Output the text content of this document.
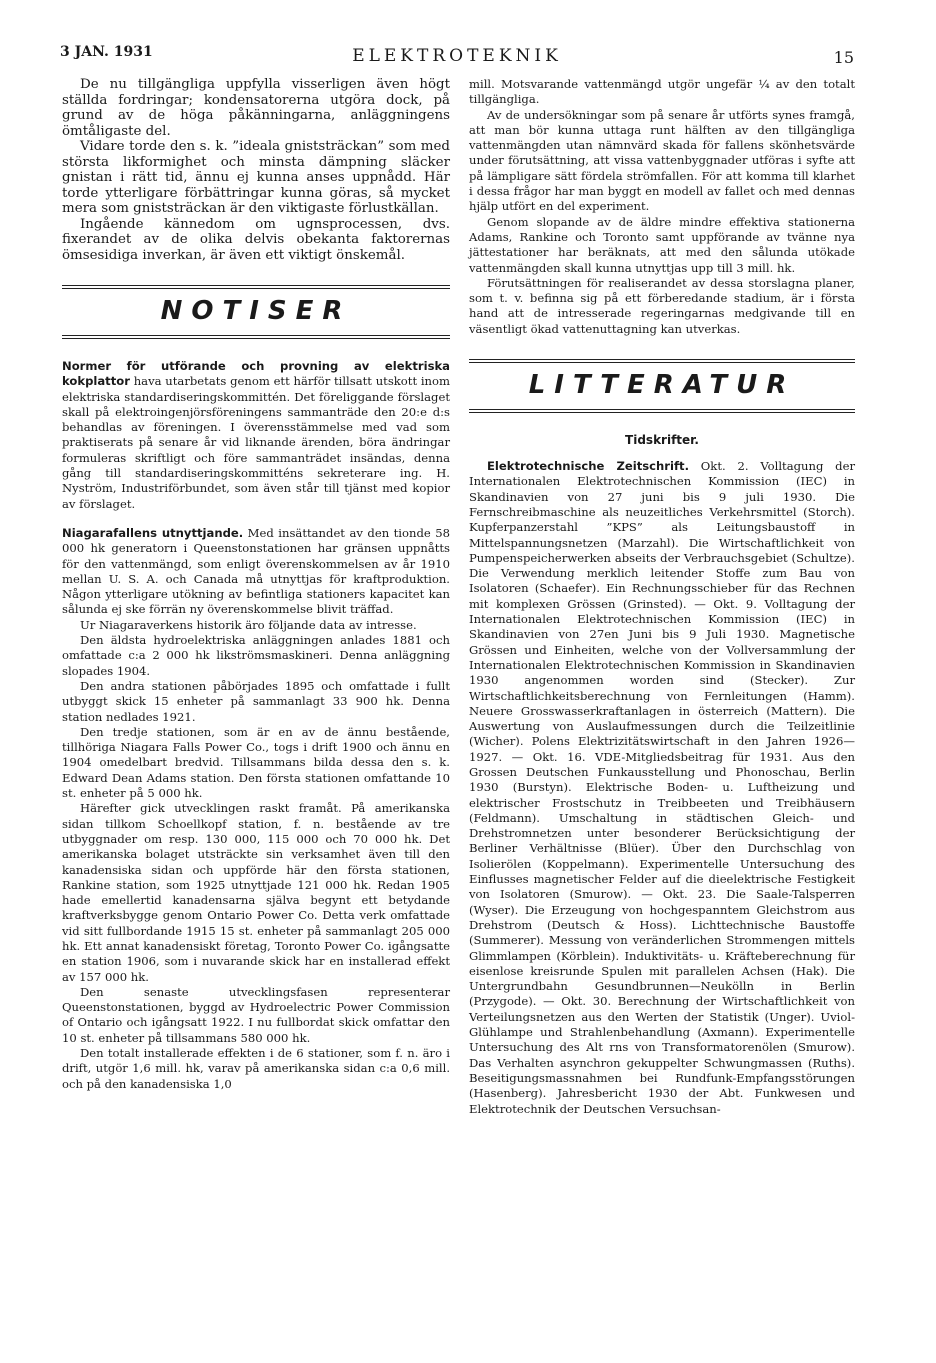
3 JAN. 1931	ELEKTROTEKNIK	15

De nu tillgängliga uppfylla visserligen även högt ställda fordringar; kondensatorerna utgöra dock, på grund av de höga påkänningarna, anläggningens ömtåligaste del.

Vidare torde den s. k. ”ideala gniststräckan” som med största likformighet och minsta dämpning släcker gnistan i rätt tid, ännu ej kunna anses uppnådd. Här torde ytterligare förbättringar kunna göras, så mycket mera som gniststräckan är den viktigaste förlustkällan.

Ingående kännedom om ugnsprocessen, dvs. fixerandet av de olika delvis obekanta faktorernas ömsesidiga inverkan, är även ett viktigt önskemål.

NOTISER

Normer för utförande och provning av elektriska kokplattor hava utarbetats genom ett härför tillsatt utskott inom elektriska standardiseringskommittén. Det föreliggande förslaget skall på elektroingenjörsföreningens sammanträde den 20:e d:s behandlas av föreningen. I överensstämmelse med vad som praktiserats på senare år vid liknande ärenden, böra ändringar formuleras skriftligt och före sammanträdet insändas, denna gång till standardiseringskommitténs sekreterare ing. H. Nyström, Industriförbundet, som även står till tjänst med kopior av förslaget.

Niagarafallens utnyttjande. Med insättandet av den tionde 58 000 hk generatorn i Queenstonstationen har gränsen uppnåtts för den vattenmängd, som enligt överenskommelsen av år 1910 mellan U. S. A. och Canada må utnyttjas för kraftproduktion. Någon ytterligare utökning av befintliga stationers kapacitet kan sålunda ej ske förrän ny överenskommelse blivit träffad.

Ur Niagaraverkens historik äro följande data av intresse.

Den äldsta hydroelektriska anläggningen anlades 1881 och omfattade c:a 2 000 hk likströmsmaskineri. Denna anläggning slopades 1904.

Den andra stationen påbörjades 1895 och omfattade i fullt utbyggt skick 15 enheter på sammanlagt 33 900 hk. Denna station nedlades 1921.

Den tredje stationen, som är en av de ännu bestående, tillhöriga Niagara Falls Power Co., togs i drift 1900 och ännu en 1904 omedelbart bredvid. Tillsammans bilda dessa den s. k. Edward Dean Adams station. Den första stationen omfattande 10 st. enheter på 5 000 hk.

Härefter gick utvecklingen raskt framåt. På amerikanska sidan tillkom Schoellkopf station, f. n. bestående av tre utbyggnader om resp. 130 000, 115 000 och 70 000 hk. Det amerikanska bolaget utsträckte sin verksamhet även till den kanadensiska sidan och uppförde här den första stationen, Rankine station, som 1925 utnyttjade 121 000 hk. Redan 1905 hade emellertid kanadensarna själva begynt ett betydande kraftverksbygge genom Ontario Power Co. Detta verk omfattade vid sitt fullbordande 1915 15 st. enheter på sammanlagt 205 000 hk. Ett annat kanadensiskt företag, Toronto Power Co. igångsatte en station 1906, som i nuvarande skick har en installerad effekt av 157 000 hk.

Den senaste utvecklingsfasen representerar Queenstonstationen, byggd av Hydroelectric Power Commission of Ontario och igångsatt 1922. I nu fullbordat skick omfattar den 10 st. enheter på tillsammans 580 000 hk.

Den totalt installerade effekten i de 6 stationer, som f. n. äro i drift, utgör 1,6 mill. hk, varav på amerikanska sidan c:a 0,6 mill. och på den kanadensiska 1,0

mill. Motsvarande vattenmängd utgör ungefär ¼ av den totalt tillgängliga.

Av de undersökningar som på senare år utförts synes framgå, att man bör kunna uttaga runt hälften av den tillgängliga vattenmängden utan nämnvärd skada för fallens skönhetsvärde under förutsättning, att vissa vattenbyggnader utföras i syfte att på lämpligare sätt fördela strömfallen. För att komma till klarhet i dessa frågor har man byggt en modell av fallet och med dennas hjälp utfört en del experiment.

Genom slopande av de äldre mindre effektiva stationerna Adams, Rankine och Toronto samt uppförande av tvänne nya jättestationer har beräknats, att med den sålunda utökade vattenmängden skall kunna utnyttjas upp till 3 mill. hk.

Förutsättningen för realiserandet av dessa storslagna planer, som t. v. befinna sig på ett förberedande stadium, är i första hand att de intresserade regeringarnas medgivande till en väsentligt ökad vattenuttagning kan utverkas.

LITTERATUR
Tidskrifter.

Elektrotechnische Zeitschrift. Okt. 2. Volltagung der Internationalen Elektrotechnischen Kommission (IEC) in Skandinavien von 27 juni bis 9 juli 1930. Die Fernschreibmaschine als neuzeitliches Verkehrsmittel (Storch). Kupferpanzerstahl ”KPS” als Leitungsbaustoff in Mittelspannungsnetzen (Marzahl). Die Wirtschaftlichkeit von Pumpenspeicherwerken abseits der Verbrauchsgebiet (Schultze). Die Verwendung merklich leitender Stoffe zum Bau von Isolatoren (Schaefer). Ein Rechnungsschieber für das Rechnen mit komplexen Grössen (Grinsted). — Okt. 9. Volltagung der Internationalen Elektrotechnischen Kommission (IEC) in Skandinavien von 27en Juni bis 9 Juli 1930. Magnetische Grössen und Einheiten, welche von der Vollversammlung der Internationalen Elektrotechnischen Kommission in Skandinavien 1930 angenommen worden sind (Stecker). Zur Wirtschaftlichkeitsberechnung von Fernleitungen (Hamm). Neuere Grosswasserkraftanlagen in österreich (Mattern). Die Auswertung von Auslaufmessungen durch die Teilzeitlinie (Wicher). Polens Elektrizitätswirtschaft in den Jahren 1926—1927. — Okt. 16. VDE-Mitgliedsbeitrag für 1931. Aus den Grossen Deutschen Funkausstellung und Phonoschau, Berlin 1930 (Burstyn). Elektrische Boden- u. Luftheizung und elektrischer Frostschutz in Treibbeeten und Treibhäusern (Feldmann). Umschaltung in städtischen Gleich- und Drehstromnetzen unter besonderer Berücksichtigung der Berliner Verhältnisse (Blüer). Über den Durchschlag von Isolierölen (Koppelmann). Experimentelle Untersuchung des Einflusses magnetischer Felder auf die dieelektrische Festigkeit von Isolatoren (Smurow). — Okt. 23. Die Saale-Talsperren (Wyser). Die Erzeugung von hochgespanntem Gleichstrom aus Drehstrom (Deutsch & Hoss). Lichttechnische Baustoffe (Summerer). Messung von veränderlichen Strommengen mittels Glimmlampen (Körblein). Induktivitäts- u. Kräfteberechnung für eisenlose kreisrunde Spulen mit parallelen Achsen (Hak). Die Untergrundbahn Gesundbrunnen—Neukölln in Berlin (Przygode). — Okt. 30. Berechnung der Wirtschaftlichkeit von Verteilungsnetzen aus den Werten der Statistik (Unger). Uviol-Glühlampe und Strahlenbehandlung (Axmann). Experimentelle Untersuchung des Alt rns von Transformatorenölen (Smurow). Das Verhalten asynchron gekuppelter Schwungmassen (Ruths). Beseitigungsmassnahmen bei Rundfunk-Empfangsstörungen (Hasenberg). Jahresbericht 1930 der Abt. Funkwesen und Elektrotechnik der Deutschen Versuchsan-
